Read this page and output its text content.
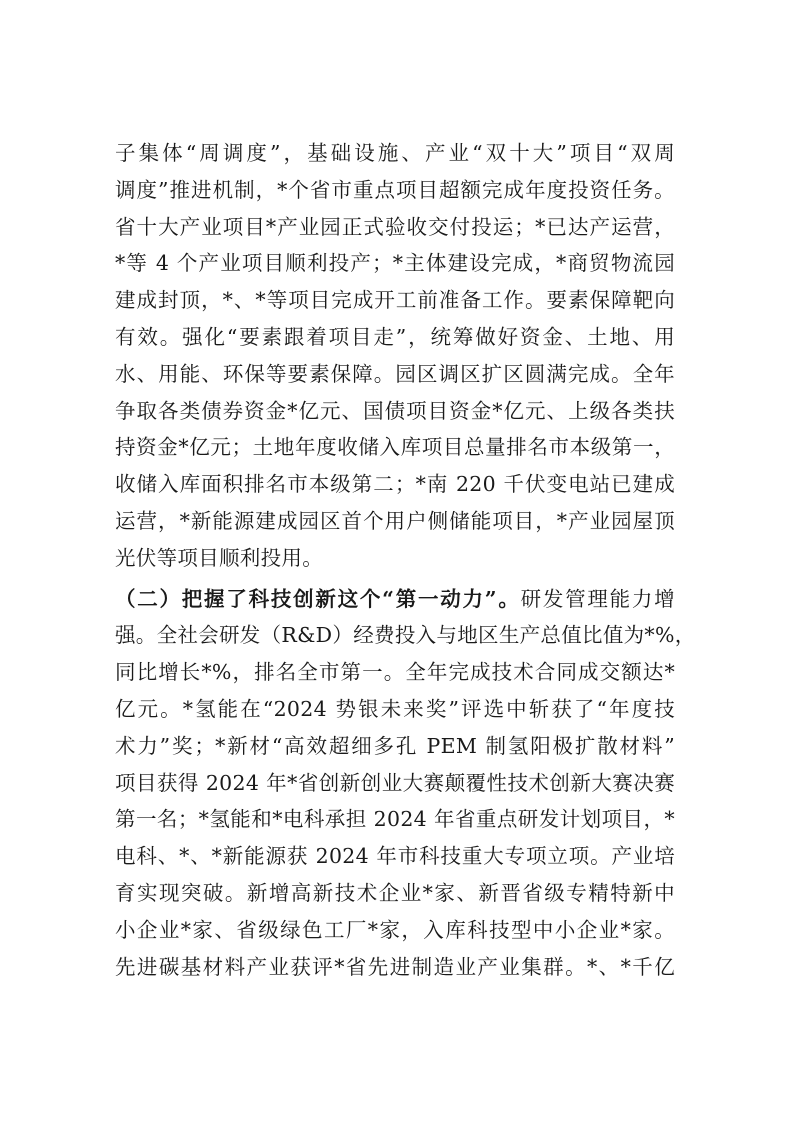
子集体“周调度”，基础设施、产业“双十大”项目“双周
调度”推进机制，*个省市重点项目超额完成年度投资任务。
省十大产业项目*产业园正式验收交付投运；*已达产运营，
*等 4 个产业项目顺利投产；*主体建设完成，*商贸物流园
建成封顶，*、*等项目完成开工前准备工作。要素保障靶向
有效。强化“要素跟着项目走”，统筹做好资金、土地、用
水、用能、环保等要素保障。园区调区扩区圆满完成。全年
争取各类债券资金*亿元、国债项目资金*亿元、上级各类扶
持资金*亿元；土地年度收储入库项目总量排名市本级第一，
收储入库面积排名市本级第二；*南 220 千伏变电站已建成
运营，*新能源建成园区首个用户侧储能项目，*产业园屋顶
光伏等项目顺利投用。
（二）把握了科技创新这个“第一动力”。研发管理能力增
强。全社会研发（R&D）经费投入与地区生产总值比值为*%，
同比增长*%，排名全市第一。全年完成技术合同成交额达*
亿元。*氢能在“2024 势银未来奖”评选中斩获了“年度技
术力”奖；*新材“高效超细多孔 PEM 制氢阳极扩散材料”
项目获得 2024 年*省创新创业大赛颠覆性技术创新大赛决赛
第一名；*氢能和*电科承担 2024 年省重点研发计划项目，*
电科、*、*新能源获 2024 年市科技重大专项立项。产业培
育实现突破。新增高新技术企业*家、新晋省级专精特新中
小企业*家、省级绿色工厂*家，入库科技型中小企业*家。
先进碳基材料产业获评*省先进制造业产业集群。*、*千亿
